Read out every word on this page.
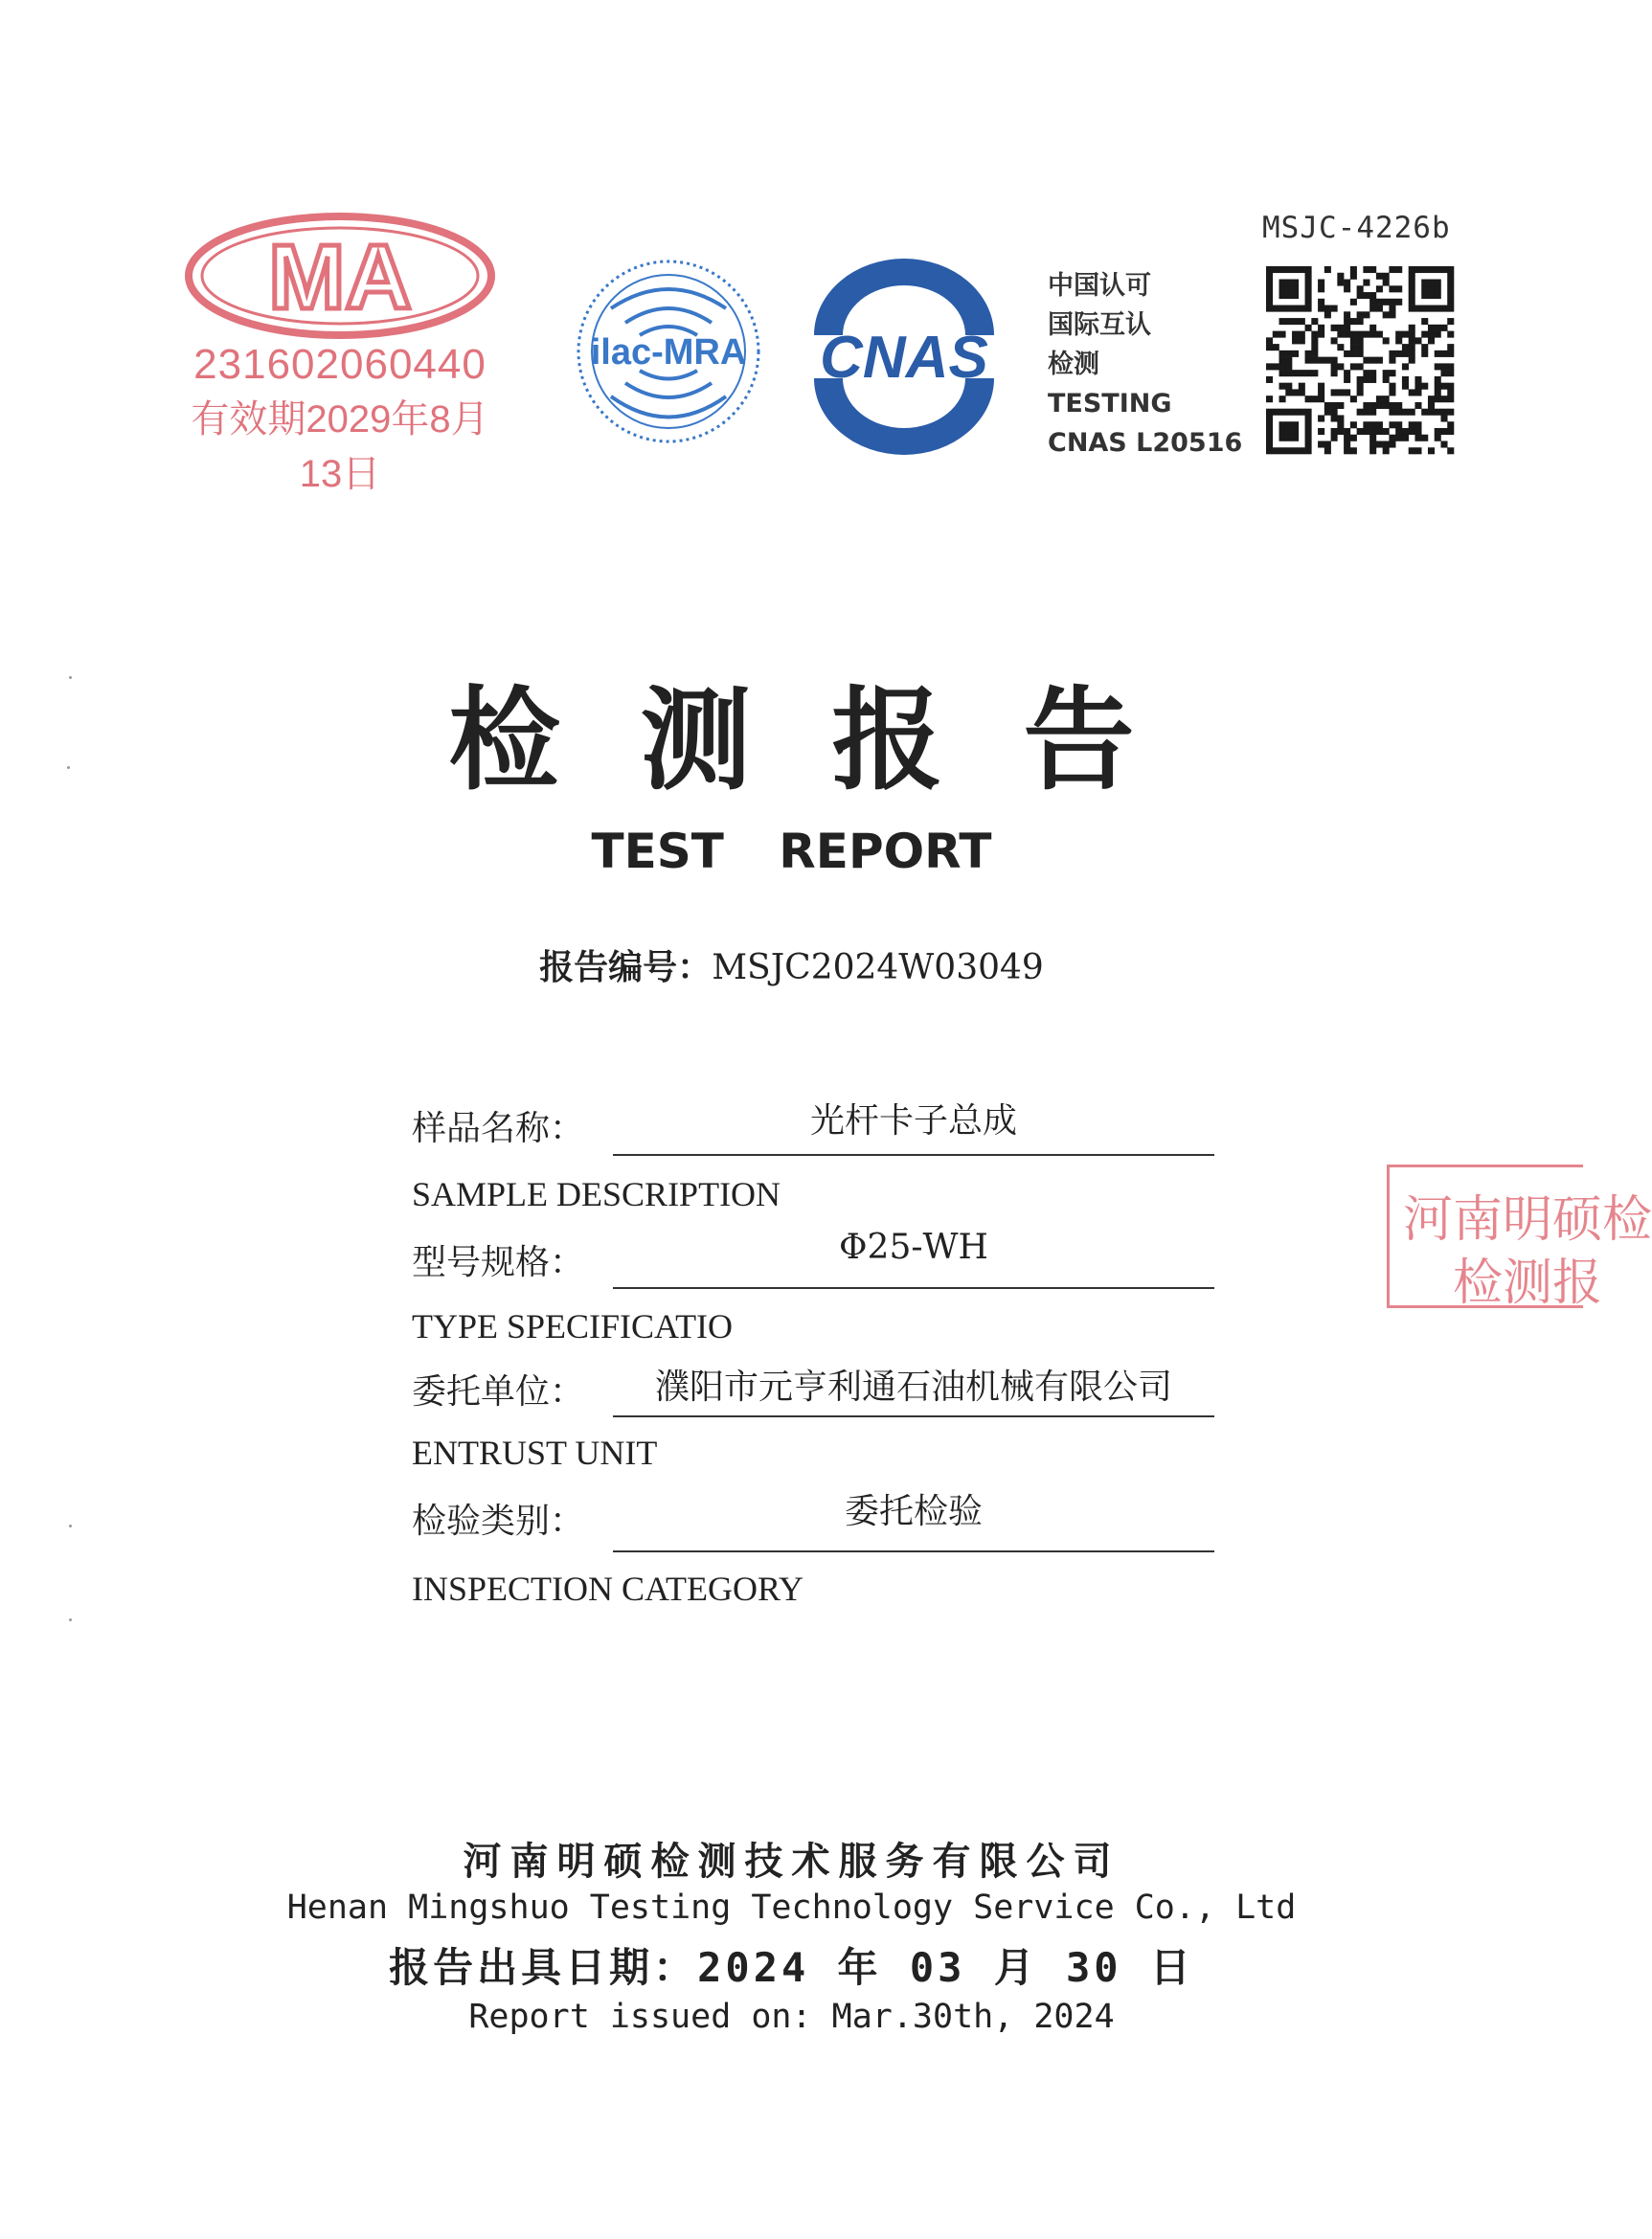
MSJC-4226b
MA
231602060440
有效期2029年8月13日
ilac-MRA CNAS
中国认可
国际互认
检测
TESTING
CNAS L20516
检测报告
TEST REPORT
报告编号：MSJC2024W03049
样品名称：	光杆卡子总成
SAMPLE DESCRIPTION
型号规格：	Φ25-WH
TYPE SPECIFICATIO
委托单位：	濮阳市元亨利通石油机械有限公司
ENTRUST UNIT
检验类别：	委托检验
INSPECTION CATEGORY
河南明硕检
检测报
河南明硕检测技术服务有限公司
Henan Mingshuo Testing Technology Service Co., Ltd
报告出具日期：2024 年 03 月 30 日
Report issued on: Mar.30th, 2024
